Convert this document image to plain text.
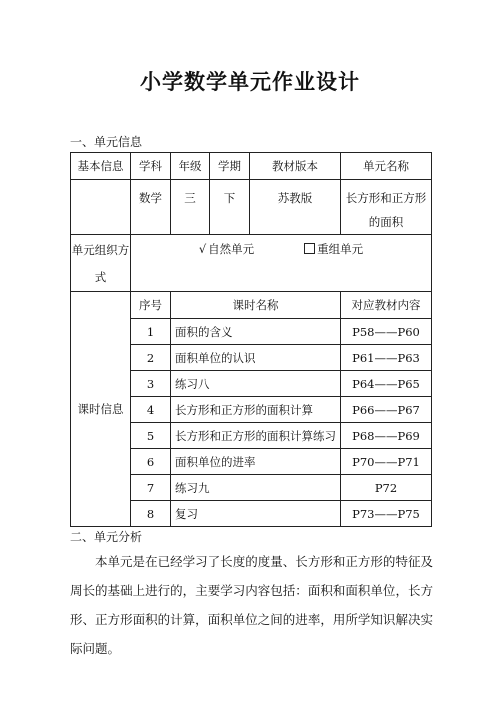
小学数学单元作业设计
一、单元信息
基本信息	学科	年级	学期	教材版本	单元名称
	数学	三	下	苏教版	长方形和正方形的面积
单元组织方式	√ 自然单元 重组单元				

课时信息	序号	课时名称			对应教材内容
	1	面积的含义			P58——P60
	2	面积单位的认识			P61——P63
	3	练习八			P64——P65
	4	长方形和正方形的面积计算			P66——P67
	5	长方形和正方形的面积计算练习			P68——P69
	6	面积单位的进率			P70——P71
	7	练习九			P72
	8	复习			P73——P75
二、单元分析

本单元是在已经学习了长度的度量、长方形和正方形的特征及周长的基础上进行的，主要学习内容包括：面积和面积单位，长方形、正方形面积的计算，面积单位之间的进率，用所学知识解决实际问题。
